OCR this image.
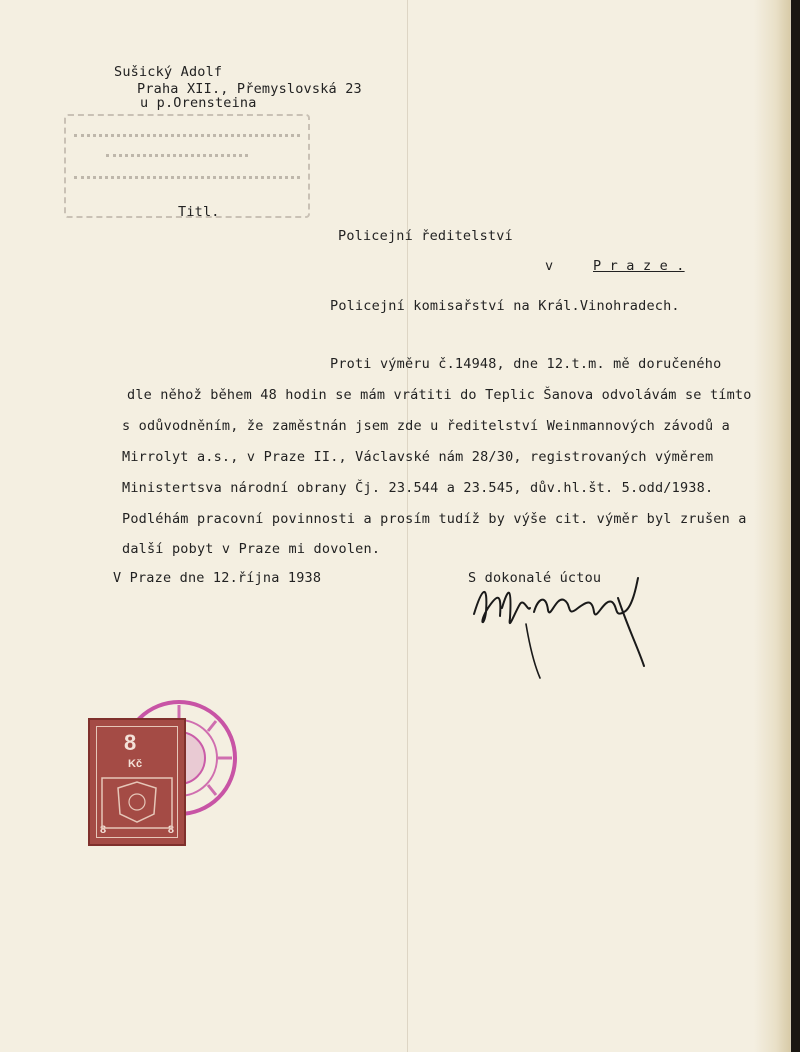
Sušický Adolf
Praha XII., Přemyslovská 23
u p.Orensteina
Titl.
Policejní ředitelství
v	P r a z e .
Policejní komisařství na Král.Vinohradech.
Proti výměru č.14948, dne 12.t.m. mě doručeného
dle něhož během 48 hodin se mám vrátiti do Teplic Šanova odvolávám se tímto
s odůvodněním, že zaměstnán jsem zde u ředitelství Weinmannových závodů a
Mirrolyt a.s., v Praze II., Václavské nám 28/30, registrovaných výměrem
Ministertsva národní obrany Čj. 23.544 a 23.545, dův.hl.št. 5.odd/1938.
Podléhám pracovní povinnosti a prosím tudíž by výše cit. výměr byl zrušen a
další pobyt v Praze mi dovolen.
V Praze dne 12.října 1938	S dokonalé úctou
8
Kč
8	8
